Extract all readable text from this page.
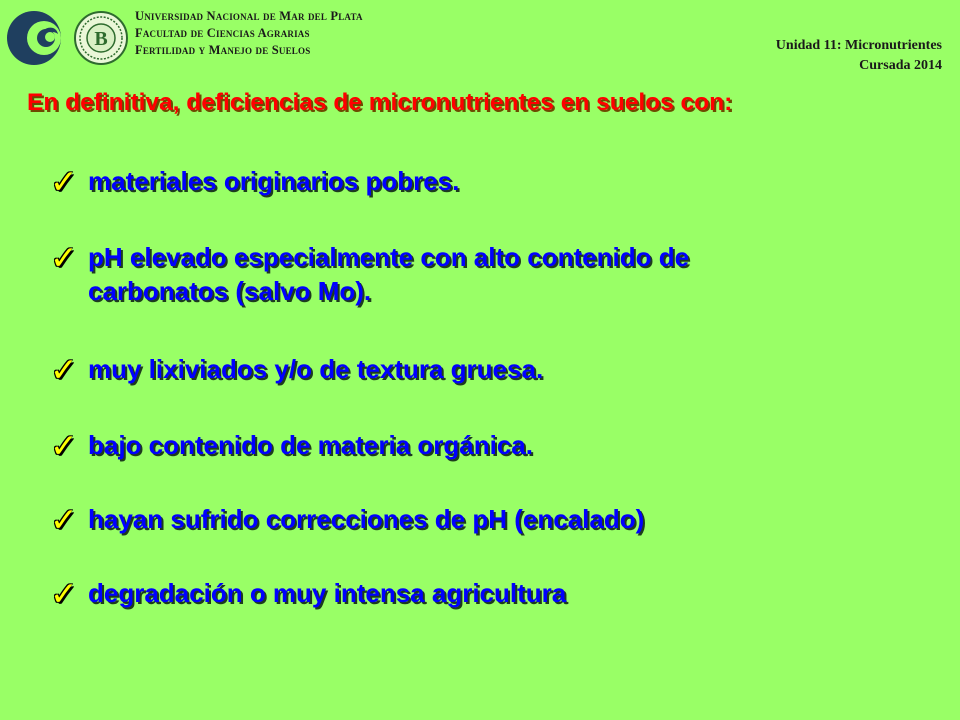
B
Universidad Nacional de Mar del Plata
Facultad de Ciencias Agrarias
Fertilidad y Manejo de Suelos	Unidad 11: Micronutrientes
Cursada 2014
En definitiva, deficiencias de micronutrientes en suelos con:
✓ materiales originarios pobres.
✓ pH elevado especialmente con alto contenido de
carbonatos (salvo Mo).
✓ muy lixiviados y/o de textura gruesa.
✓ bajo contenido de materia orgánica.
✓ hayan sufrido correcciones de pH (encalado)
✓ degradación o muy intensa agricultura
